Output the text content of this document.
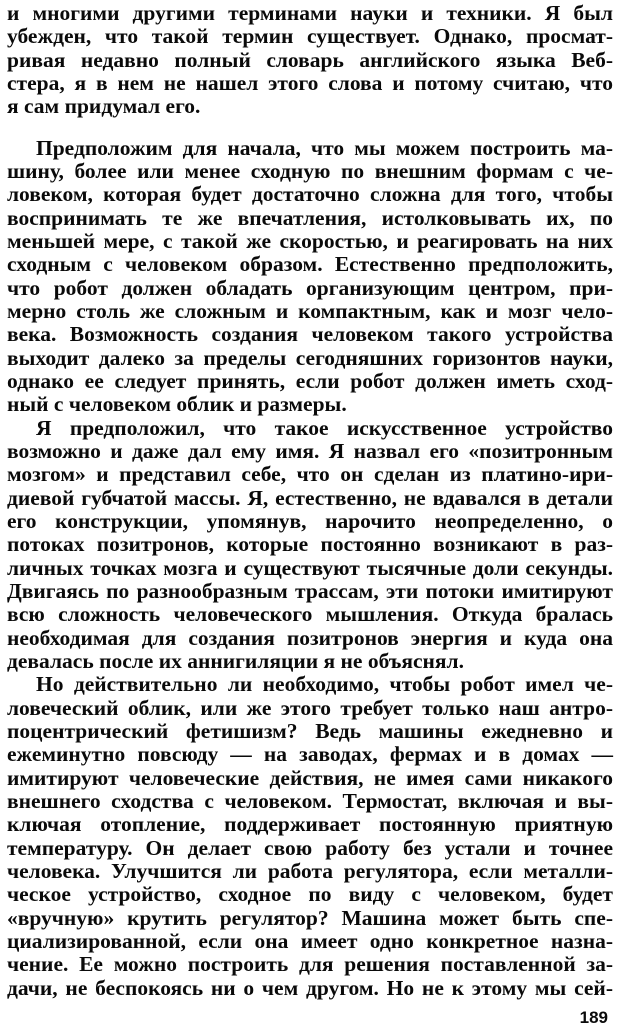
и многими другими терминами науки и техники. Я был
убежден, что такой термин существует. Однако, просмат-
ривая недавно полный словарь английского языка Веб-
стера, я в нем не нашел этого слова и потому считаю, что
я сам придумал его.
Предположим для начала, что мы можем построить ма-
шину, более или менее сходную по внешним формам с че-
ловеком, которая будет достаточно сложна для того, чтобы
воспринимать те же впечатления, истолковывать их, по
меньшей мере, с такой же скоростью, и реагировать на них
сходным с человеком образом. Естественно предположить,
что робот должен обладать организующим центром, при-
мерно столь же сложным и компактным, как и мозг чело-
века. Возможность создания человеком такого устройства
выходит далеко за пределы сегодняшних горизонтов науки,
однако ее следует принять, если робот должен иметь сход-
ный с человеком облик и размеры.
Я предположил, что такое искусственное устройство
возможно и даже дал ему имя. Я назвал его «позитронным
мозгом» и представил себе, что он сделан из платино-ири-
диевой губчатой массы. Я, естественно, не вдавался в детали
его конструкции, упомянув, нарочито неопределенно, о
потоках позитронов, которые постоянно возникают в раз-
личных точках мозга и существуют тысячные доли секунды.
Двигаясь по разнообразным трассам, эти потоки имитируют
всю сложность человеческого мышления. Откуда бралась
необходимая для создания позитронов энергия и куда она
девалась после их аннигиляции я не объяснял.
Но действительно ли необходимо, чтобы робот имел че-
ловеческий облик, или же этого требует только наш антро-
поцентрический фетишизм? Ведь машины ежедневно и
ежеминутно повсюду — на заводах, фермах и в домах —
имитируют человеческие действия, не имея сами никакого
внешнего сходства с человеком. Термостат, включая и вы-
ключая отопление, поддерживает постоянную приятную
температуру. Он делает свою работу без устали и точнее
человека. Улучшится ли работа регулятора, если металли-
ческое устройство, сходное по виду с человеком, будет
«вручную» крутить регулятор? Машина может быть спе-
циализированной, если она имеет одно конкретное назна-
чение. Ее можно построить для решения поставленной за-
дачи, не беспокоясь ни о чем другом. Но не к этому мы сей-
189
